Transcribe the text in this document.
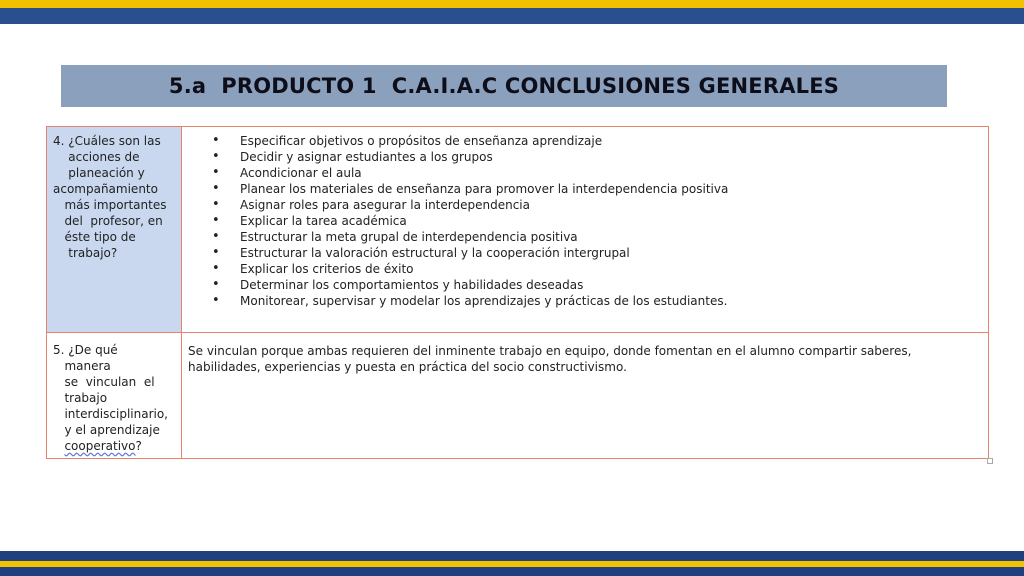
5.a  PRODUCTO 1  C.A.I.A.C CONCLUSIONES GENERALES
4. ¿Cuáles son las
acciones de
planeación y
acompañamiento
más importantes
del  profesor, en
éste tipo de
trabajo?
• Especificar objetivos o propósitos de enseñanza aprendizaje
• Decidir y asignar estudiantes a los grupos
• Acondicionar el aula
• Planear los materiales de enseñanza para promover la interdependencia positiva
• Asignar roles para asegurar la interdependencia
• Explicar la tarea académica
• Estructurar la meta grupal de interdependencia positiva
• Estructurar la valoración estructural y la cooperación intergrupal
• Explicar los criterios de éxito
• Determinar los comportamientos y habilidades deseadas
• Monitorear, supervisar y modelar los aprendizajes y prácticas de los estudiantes.
5. ¿De qué
manera
se  vinculan  el
trabajo
interdisciplinario,
y el aprendizaje
cooperativo?

Se vinculan porque ambas requieren del inminente trabajo en equipo, donde fomentan en el alumno compartir saberes, habilidades, experiencias y puesta en práctica del socio constructivismo.
